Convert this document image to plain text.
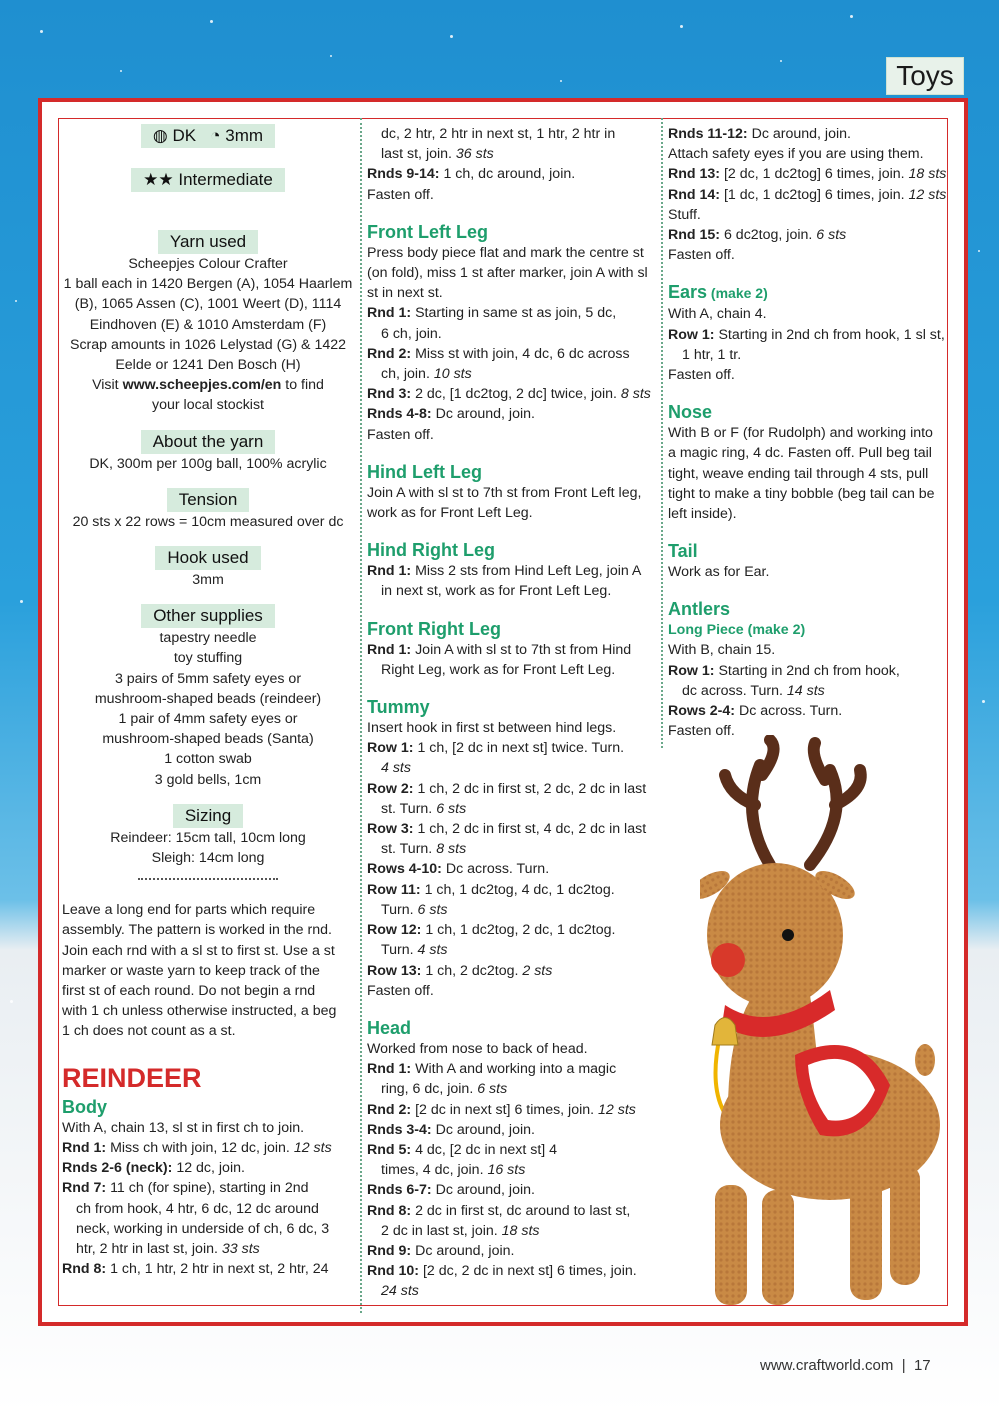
Toys
◍ DK ◔ 3mm
★★ Intermediate
Yarn used
Scheepjes Colour Crafter
1 ball each in 1420 Bergen (A), 1054 Haarlem
(B), 1065 Assen (C), 1001 Weert (D), 1114
Eindhoven (E) & 1010 Amsterdam (F)
Scrap amounts in 1026 Lelystad (G) & 1422
Eelde or 1241 Den Bosch (H)
Visit www.scheepjes.com/en to find
your local stockist
About the yarn
DK, 300m per 100g ball, 100% acrylic
Tension
20 sts x 22 rows = 10cm measured over dc
Hook used
3mm
Other supplies
tapestry needle
toy stuffing
3 pairs of 5mm safety eyes or
mushroom-shaped beads (reindeer)
1 pair of 4mm safety eyes or
mushroom-shaped beads (Santa)
1 cotton swab
3 gold bells, 1cm
Sizing
Reindeer: 15cm tall, 10cm long
Sleigh: 14cm long
Leave a long end for parts which require
assembly. The pattern is worked in the rnd.
Join each rnd with a sl st to first st. Use a st
marker or waste yarn to keep track of the
first st of each round. Do not begin a rnd
with 1 ch unless otherwise instructed, a beg
1 ch does not count as a st.
REINDEER
Body
With A, chain 13, sl st in first ch to join.
Rnd 1: Miss ch with join, 12 dc, join. 12 sts
Rnds 2-6 (neck): 12 dc, join.
Rnd 7: 11 ch (for spine), starting in 2nd
ch from hook, 4 htr, 6 dc, 12 dc around
neck, working in underside of ch, 6 dc, 3
htr, 2 htr in last st, join. 33 sts
Rnd 8: 1 ch, 1 htr, 2 htr in next st, 2 htr, 24
dc, 2 htr, 2 htr in next st, 1 htr, 2 htr in
last st, join. 36 sts
Rnds 9-14: 1 ch, dc around, join.
Fasten off.
Front Left Leg
Press body piece flat and mark the centre st
(on fold), miss 1 st after marker, join A with sl
st in next st.
Rnd 1: Starting in same st as join, 5 dc,
6 ch, join.
Rnd 2: Miss st with join, 4 dc, 6 dc across
ch, join. 10 sts
Rnd 3: 2 dc, [1 dc2tog, 2 dc] twice, join. 8 sts
Rnds 4-8: Dc around, join.
Fasten off.
Hind Left Leg
Join A with sl st to 7th st from Front Left leg,
work as for Front Left Leg.
Hind Right Leg
Rnd 1: Miss 2 sts from Hind Left Leg, join A
in next st, work as for Front Left Leg.
Front Right Leg
Rnd 1: Join A with sl st to 7th st from Hind
Right Leg, work as for Front Left Leg.
Tummy
Insert hook in first st between hind legs.
Row 1: 1 ch, [2 dc in next st] twice. Turn.
4 sts
Row 2: 1 ch, 2 dc in first st, 2 dc, 2 dc in last
st. Turn. 6 sts
Row 3: 1 ch, 2 dc in first st, 4 dc, 2 dc in last
st. Turn. 8 sts
Rows 4-10: Dc across. Turn.
Row 11: 1 ch, 1 dc2tog, 4 dc, 1 dc2tog.
Turn. 6 sts
Row 12: 1 ch, 1 dc2tog, 2 dc, 1 dc2tog.
Turn. 4 sts
Row 13: 1 ch, 2 dc2tog. 2 sts
Fasten off.
Head
Worked from nose to back of head.
Rnd 1: With A and working into a magic
ring, 6 dc, join. 6 sts
Rnd 2: [2 dc in next st] 6 times, join. 12 sts
Rnds 3-4: Dc around, join.
Rnd 5: 4 dc, [2 dc in next st] 4
times, 4 dc, join. 16 sts
Rnds 6-7: Dc around, join.
Rnd 8: 2 dc in first st, dc around to last st,
2 dc in last st, join. 18 sts
Rnd 9: Dc around, join.
Rnd 10: [2 dc, 2 dc in next st] 6 times, join.
24 sts
Rnds 11-12: Dc around, join.
Attach safety eyes if you are using them.
Rnd 13: [2 dc, 1 dc2tog] 6 times, join. 18 sts
Rnd 14: [1 dc, 1 dc2tog] 6 times, join. 12 sts
Stuff.
Rnd 15: 6 dc2tog, join. 6 sts
Fasten off.
Ears (make 2)
With A, chain 4.
Row 1: Starting in 2nd ch from hook, 1 sl st,
1 htr, 1 tr.
Fasten off.
Nose
With B or F (for Rudolph) and working into
a magic ring, 4 dc. Fasten off. Pull beg tail
tight, weave ending tail through 4 sts, pull
tight to make a tiny bobble (beg tail can be
left inside).
Tail
Work as for Ear.
Antlers
Long Piece (make 2)
With B, chain 15.
Row 1: Starting in 2nd ch from hook,
dc across. Turn. 14 sts
Rows 2-4: Dc across. Turn.
Fasten off.
www.craftworld.com | 17
